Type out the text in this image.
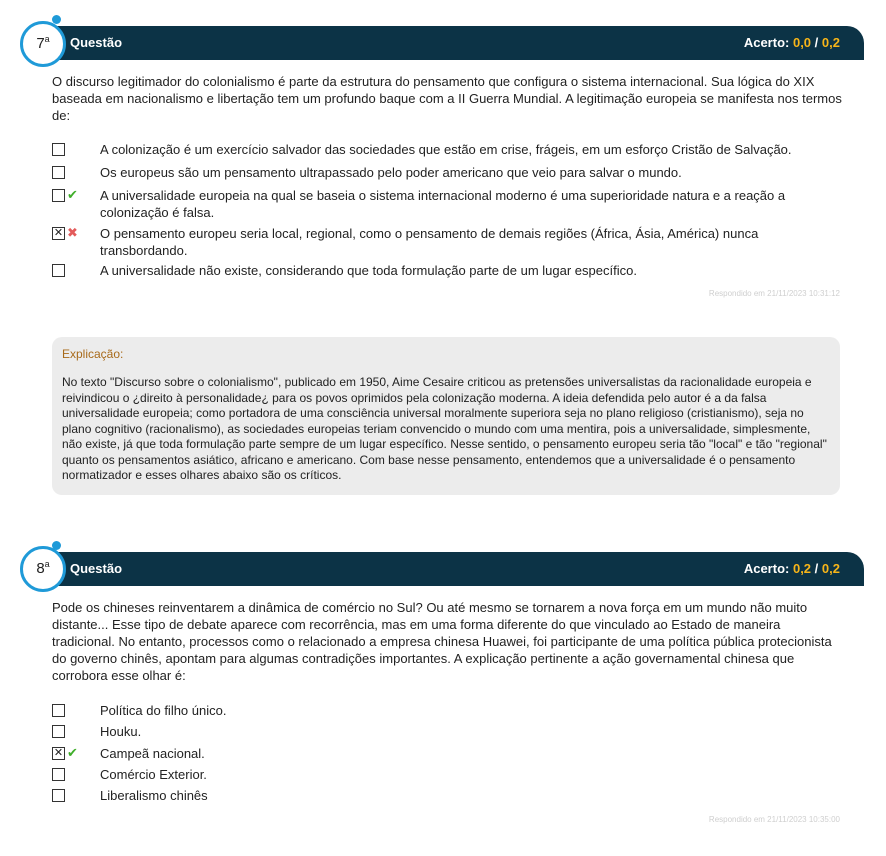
Questão	Acerto: 0,0 / 0,2
7$^a$
O discurso legitimador do colonialismo é parte da estrutura do pensamento que configura o sistema internacional. Sua lógica do XIX baseada em nacionalismo e libertação tem um profundo baque com a II Guerra Mundial. A legitimação europeia se manifesta nos termos de:
A colonização é um exercício salvador das sociedades que estão em crise, frágeis, em um esforço Cristão de Salvação.
Os europeus são um pensamento ultrapassado pelo poder americano que veio para salvar o mundo.
✔ A universalidade europeia na qual se baseia o sistema internacional moderno é uma superioridade natura e a reação a colonização é falsa.
✕ ✖ O pensamento europeu seria local, regional, como o pensamento de demais regiões (África, Ásia, América) nunca transbordando.
A universalidade não existe, considerando que toda formulação parte de um lugar específico.
Respondido em 21/11/2023 10:31:12
Explicação:
No texto "Discurso sobre o colonialismo", publicado em 1950, Aime Cesaire criticou as pretensões universalistas da racionalidade europeia e reivindicou o ¿direito à personalidade¿ para os povos oprimidos pela colonização moderna. A ideia defendida pelo autor é a da falsa universalidade europeia; como portadora de uma consciência universal moralmente superiora seja no plano religioso (cristianismo), seja no plano cognitivo (racionalismo), as sociedades europeias teriam convencido o mundo com uma mentira, pois a universalidade, simplesmente, não existe, já que toda formulação parte sempre de um lugar específico. Nesse sentido, o pensamento europeu seria tão "local" e tão "regional" quanto os pensamentos asiático, africano e americano. Com base nesse pensamento, entendemos que a universalidade é o pensamento normatizador e esses olhares abaixo são os críticos.
Questão	Acerto: 0,2 / 0,2
8$^a$
Pode os chineses reinventarem a dinâmica de comércio no Sul? Ou até mesmo se tornarem a nova força em um mundo não muito distante... Esse tipo de debate aparece com recorrência, mas em uma forma diferente do que vinculado ao Estado de maneira tradicional. No entanto, processos como o relacionado a empresa chinesa Huawei, foi participante de uma política pública protecionista do governo chinês, apontam para algumas contradições importantes. A explicação pertinente a ação governamental chinesa que corrobora esse olhar é:
Política do filho único.
Houku.
✕ ✔ Campeã nacional.
Comércio Exterior.
Liberalismo chinês
Respondido em 21/11/2023 10:35:00
